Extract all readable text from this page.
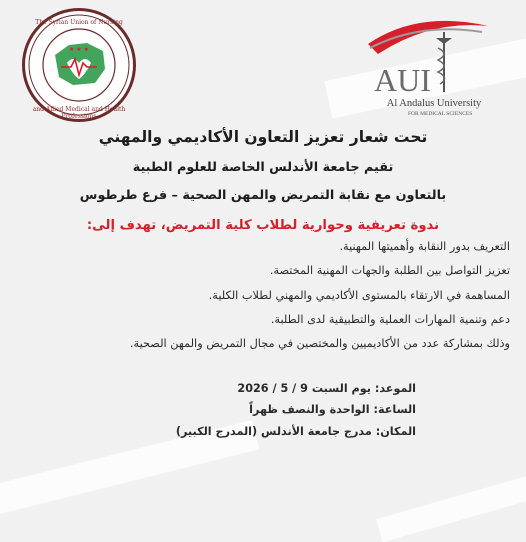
★ ★ ★
The Syrian Union of Nursing
and Allied Medical and Health Professions
AUI
Al Andalus University
FOR MEDICAL SCIENCES
تحت شعار تعزيز التعاون الأكاديمي والمهني
تقيم جامعة الأندلس الخاصة للعلوم الطبية
بالتعاون مع نقابة التمريض والمهن الصحية – فرع طرطوس
ندوة تعريفية وحوارية لطلاب كلية التمريض، تهدف إلى:
التعريف بدور النقابة وأهميتها المهنية.
تعزيز التواصل بين الطلبة والجهات المهنية المختصة.
المساهمة في الارتقاء بالمستوى الأكاديمي والمهني لطلاب الكلية.
دعم وتنمية المهارات العملية والتطبيقية لدى الطلبة.
وذلك بمشاركة عدد من الأكاديميين والمختصين في مجال التمريض والمهن الصحية.
الموعد: يوم السبت 9 / 5 / 2026
الساعة: الواحدة والنصف ظهراً
المكان: مدرج جامعة الأندلس (المدرج الكبير)
